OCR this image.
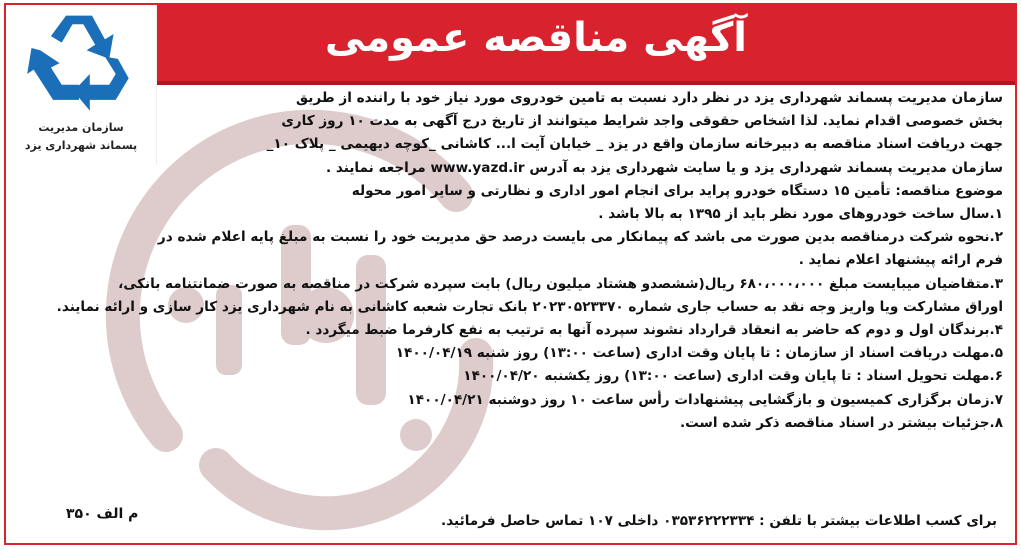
آگهی مناقصه عمومی
سازمان مدیریت
پسماند شهرداری یزد
سازمان مدیریت پسماند شهرداری یزد در نظر دارد نسبت به تامین خودروی مورد نیاز خود با راننده از طریق
بخش خصوصی اقدام نماید. لذا اشخاص حقوقی واجد شرایط میتوانند از تاریخ درج آگهی به مدت ۱۰ روز کاری
جهت دریافت اسناد مناقصه به دبیرخانه سازمان واقع در یزد _ خیابان آیت ا... کاشانی _کوچه دیهیمی _ پلاک ۱۰_
سازمان مدیریت پسماند شهرداری یزد و یا سایت شهرداری یزد به آدرس www.yazd.ir مراجعه نمایند .
موضوع مناقصه: تأمین ۱۵ دستگاه خودرو پراید برای انجام امور اداری و نظارتی و سایر امور محوله
۱.سال ساخت خودروهای مورد نظر باید از ۱۳۹۵ به بالا باشد .
۲.نحوه شرکت درمناقصه بدین صورت می باشد که پیمانکار می بایست درصد حق مدیریت خود را نسبت به مبلغ پایه اعلام شده در
فرم ارائه پیشنهاد اعلام نماید .
۳.متقاضیان میبایست مبلغ ۶۸۰،۰۰۰،۰۰۰ ریال(ششصدو هشتاد میلیون ریال) بابت سپرده شرکت در مناقصه به صورت ضمانتنامه بانکی،
اوراق مشارکت ویا واریز وجه نقد به حساب جاری شماره ۲۰۲۳۰۵۲۳۳۷۰ بانک تجارت شعبه کاشانی به نام شهرداری یزد کار سازی و ارائه نمایند.
۴.برندگان اول و دوم که حاضر به انعقاد قرارداد نشوند سپرده آنها به ترتیب به نفع کارفرما ضبط میگردد .
۵.مهلت دریافت اسناد از سازمان : تا پایان وقت اداری (ساعت ۱۳:۰۰) روز شنبه ۱۴۰۰/۰۴/۱۹
۶.مهلت تحویل اسناد : تا پایان وقت اداری (ساعت ۱۳:۰۰) روز یکشنبه ۱۴۰۰/۰۴/۲۰
۷.زمان برگزاری کمیسیون و بازگشایی پیشنهادات رأس ساعت ۱۰ روز دوشنبه ۱۴۰۰/۰۴/۲۱
۸.جزئیات بیشتر در اسناد مناقصه ذکر شده است.
م الف ۳۵۰	برای کسب اطلاعات بیشتر با تلفن : ۰۳۵۳۶۲۲۲۳۳۴ داخلی ۱۰۷ تماس حاصل فرمائید.
